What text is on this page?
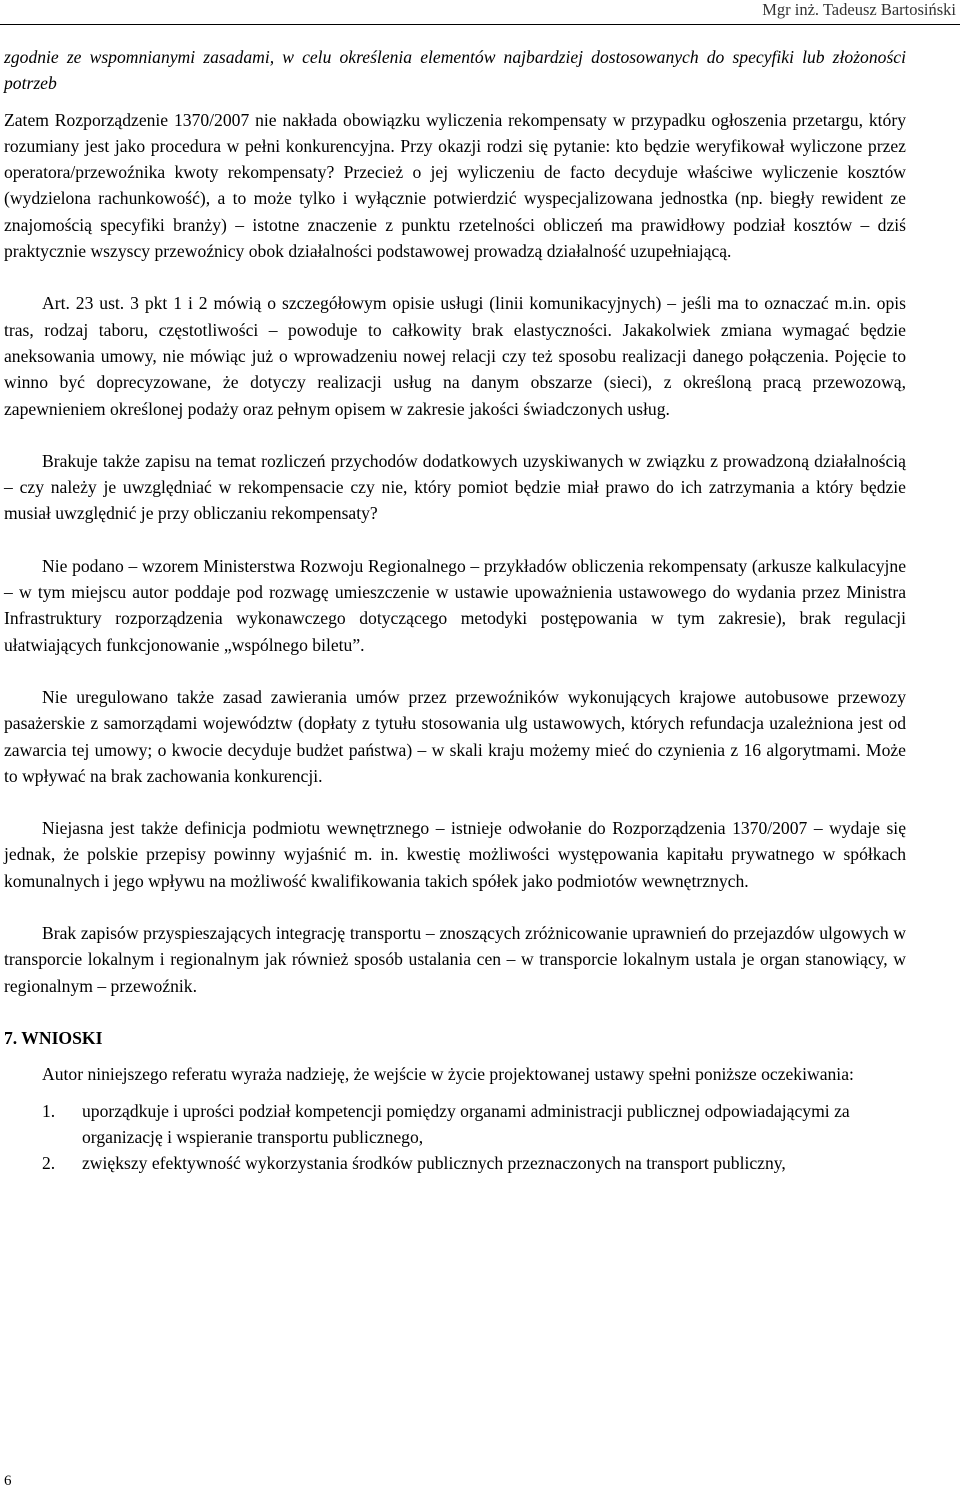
Mgr inż. Tadeusz Bartosiński

zgodnie ze wspomnianymi zasadami, w celu określenia elementów najbardziej dostosowanych do specyfiki lub złożoności potrzeb

Zatem Rozporządzenie 1370/2007 nie nakłada obowiązku wyliczenia rekompensaty w przypadku ogłoszenia przetargu, który rozumiany jest jako procedura w pełni konkurencyjna. Przy okazji rodzi się pytanie: kto będzie weryfikował wyliczone przez operatora/przewoźnika kwoty rekompensaty? Przecież o jej wyliczeniu de facto decyduje właściwe wyliczenie kosztów (wydzielona rachunkowość), a to może tylko i wyłącznie potwierdzić wyspecjalizowana jednostka (np. biegły rewident ze znajomością specyfiki branży) – istotne znaczenie z punktu rzetelności obliczeń ma prawidłowy podział kosztów – dziś praktycznie wszyscy przewoźnicy obok działalności podstawowej prowadzą działalność uzupełniającą.

Art. 23 ust. 3 pkt 1 i 2 mówią o szczegółowym opisie usługi (linii komunikacyjnych) – jeśli ma to oznaczać m.in. opis tras, rodzaj taboru, częstotliwości – powoduje to całkowity brak elastyczności. Jakakolwiek zmiana wymagać będzie aneksowania umowy, nie mówiąc już o wprowadzeniu nowej relacji czy też sposobu realizacji danego połączenia. Pojęcie to winno być doprecyzowane, że dotyczy realizacji usług na danym obszarze (sieci), z określoną pracą przewozową, zapewnieniem określonej podaży oraz pełnym opisem w zakresie jakości świadczonych usług.

Brakuje także zapisu na temat rozliczeń przychodów dodatkowych uzyskiwanych w związku z prowadzoną działalnością – czy należy je uwzględniać w rekompensacie czy nie, który pomiot będzie miał prawo do ich zatrzymania a który będzie musiał uwzględnić je przy obliczaniu rekompensaty?

Nie podano – wzorem Ministerstwa Rozwoju Regionalnego – przykładów obliczenia rekompensaty (arkusze kalkulacyjne – w tym miejscu autor poddaje pod rozwagę umieszczenie w ustawie upoważnienia ustawowego do wydania przez Ministra Infrastruktury rozporządzenia wykonawczego dotyczącego metodyki postępowania w tym zakresie), brak regulacji ułatwiających funkcjonowanie „wspólnego biletu”.

Nie uregulowano także zasad zawierania umów przez przewoźników wykonujących krajowe autobusowe przewozy pasażerskie z samorządami województw (dopłaty z tytułu stosowania ulg ustawowych, których refundacja uzależniona jest od zawarcia tej umowy; o kwocie decyduje budżet państwa) – w skali kraju możemy mieć do czynienia z 16 algorytmami. Może to wpływać na brak zachowania konkurencji.

Niejasna jest także definicja podmiotu wewnętrznego – istnieje odwołanie do Rozporządzenia 1370/2007 – wydaje się jednak, że polskie przepisy powinny wyjaśnić m. in. kwestię możliwości występowania kapitału prywatnego w spółkach komunalnych i jego wpływu na możliwość kwalifikowania takich spółek jako podmiotów wewnętrznych.

Brak zapisów przyspieszających integrację transportu – znoszących zróżnicowanie uprawnień do przejazdów ulgowych w transporcie lokalnym i regionalnym jak również sposób ustalania cen – w transporcie lokalnym ustala je organ stanowiący, w regionalnym – przewoźnik.

7. WNIOSKI

Autor niniejszego referatu wyraża nadzieję, że wejście w życie projektowanej ustawy spełni poniższe oczekiwania:

1. uporządkuje i uprości podział kompetencji pomiędzy organami administracji publicznej odpowiadającymi za organizację i wspieranie transportu publicznego,
2. zwiększy efektywność wykorzystania środków publicznych przeznaczonych na transport publiczny,
6
